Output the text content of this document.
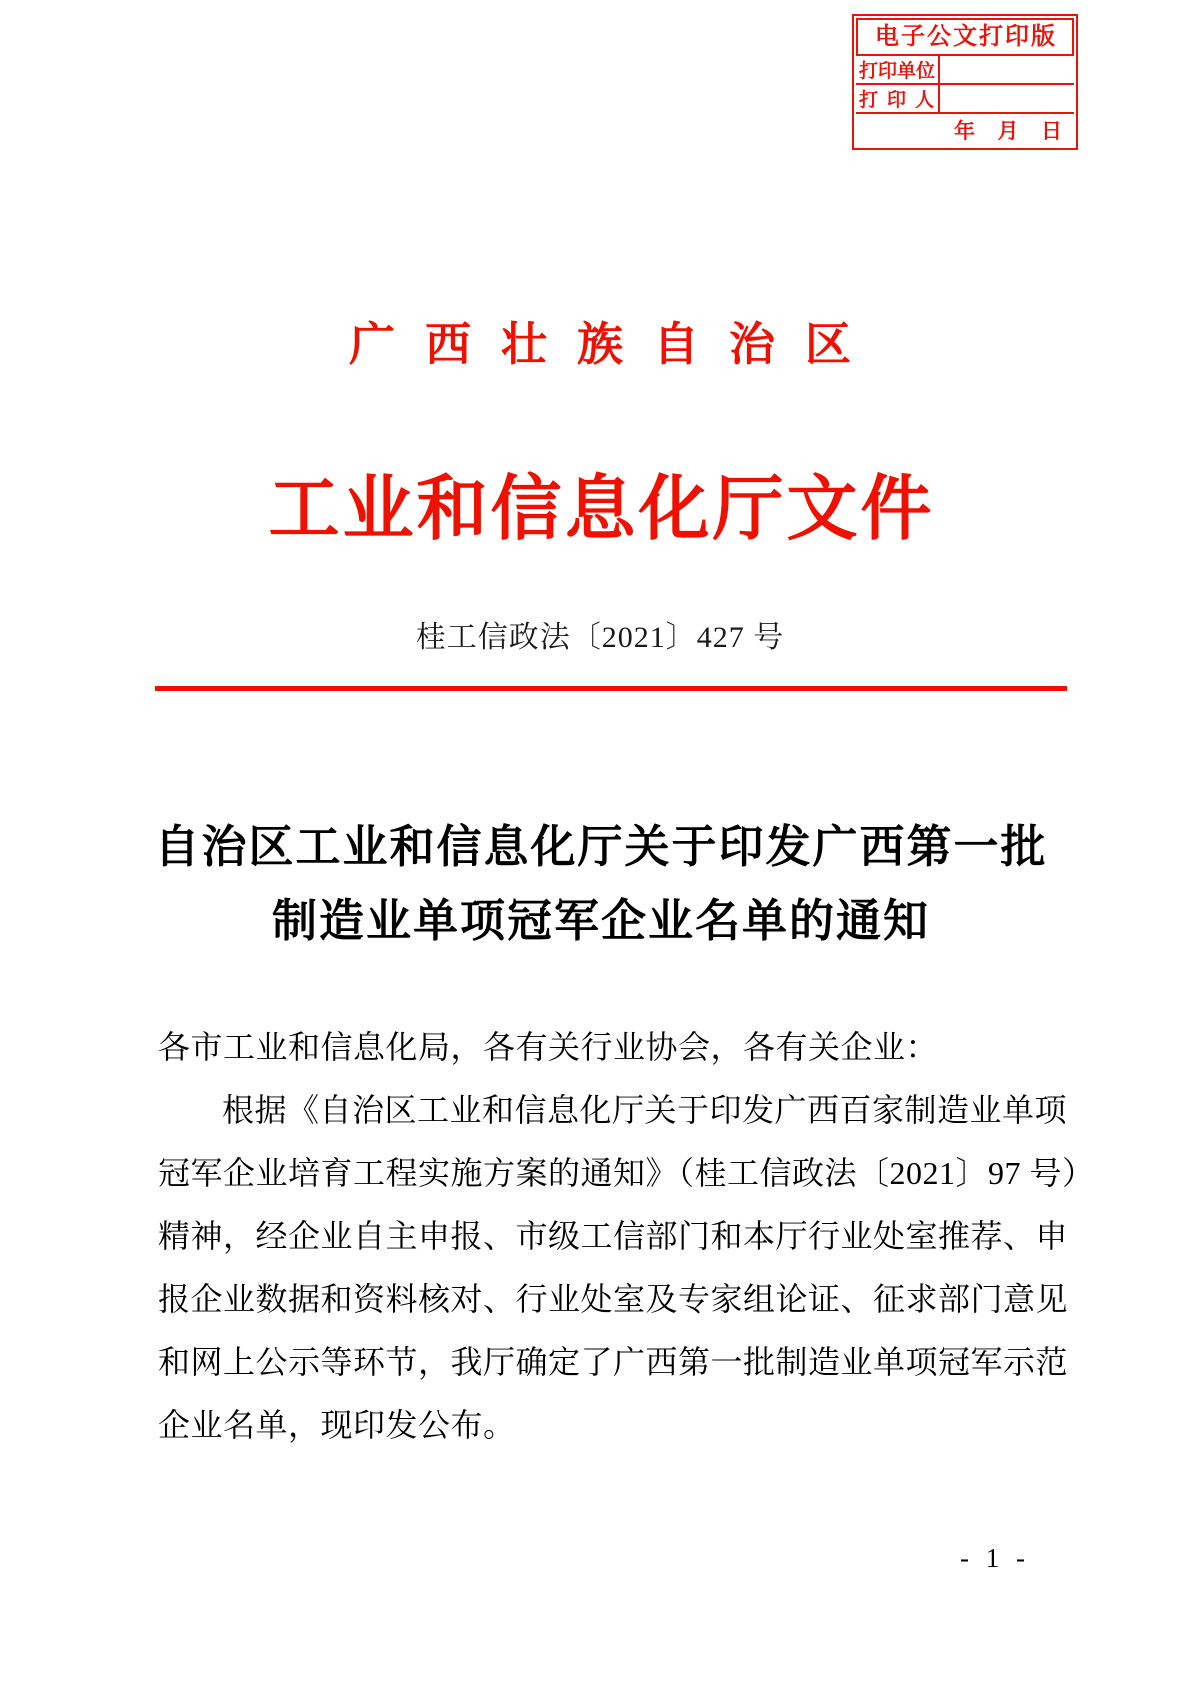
电子公文打印版
打印单位
打印人
年 月 日
广西壮族自治区
工业和信息化厅文件
桂工信政法〔2021〕427 号
自治区工业和信息化厅关于印发广西第一批
制造业单项冠军企业名单的通知
各市工业和信息化局，各有关行业协会，各有关企业：
根据《自治区工业和信息化厅关于印发广西百家制造业单项
冠军企业培育工程实施方案的通知》（桂工信政法〔2021〕97 号）
精神，经企业自主申报、市级工信部门和本厅行业处室推荐、申
报企业数据和资料核对、行业处室及专家组论证、征求部门意见
和网上公示等环节，我厅确定了广西第一批制造业单项冠军示范
企业名单，现印发公布。
- 1 -
